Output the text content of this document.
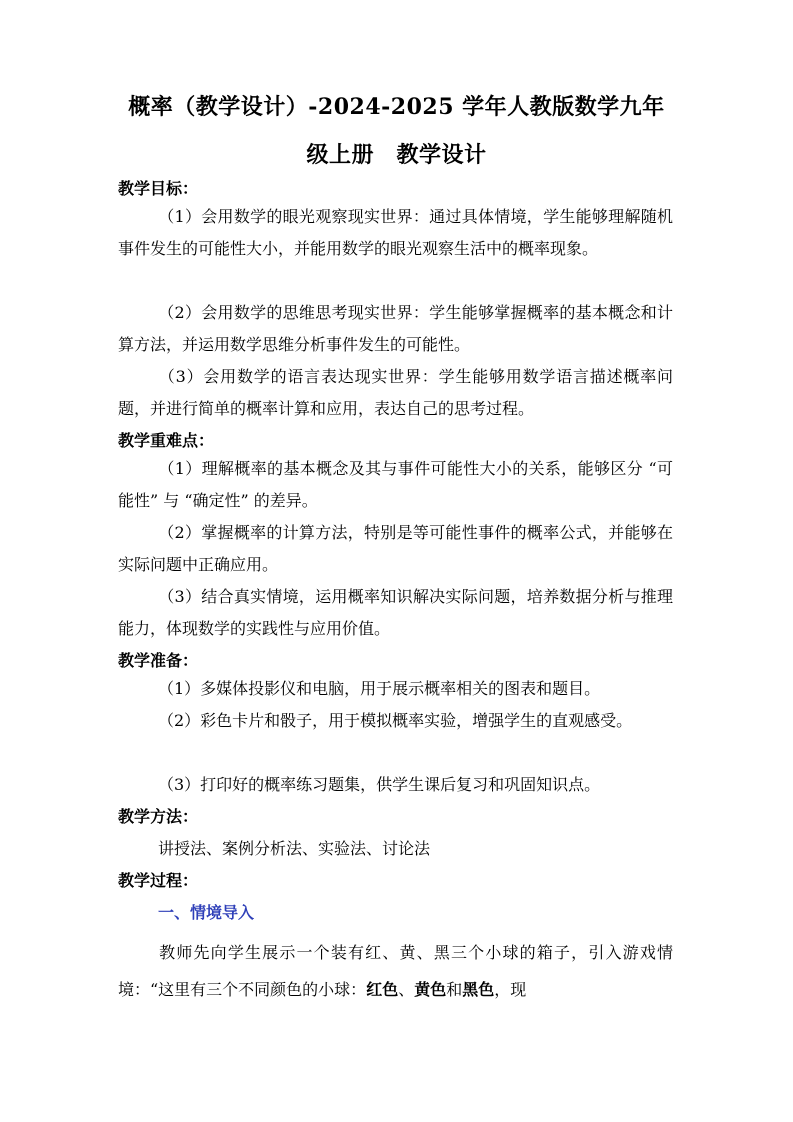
概率（教学设计）-2024-2025 学年人教版数学九年
级上册　教学设计
教学目标：

（1）会用数学的眼光观察现实世界：通过具体情境，学生能够理解随机事件发生的可能性大小，并能用数学的眼光观察生活中的概率现象。

（2）会用数学的思维思考现实世界：学生能够掌握概率的基本概念和计算方法，并运用数学思维分析事件发生的可能性。

（3）会用数学的语言表达现实世界：学生能够用数学语言描述概率问题，并进行简单的概率计算和应用，表达自己的思考过程。

教学重难点：

（1）理解概率的基本概念及其与事件可能性大小的关系，能够区分 “可能性” 与 “确定性” 的差异。

（2）掌握概率的计算方法，特别是等可能性事件的概率公式，并能够在实际问题中正确应用。

（3）结合真实情境，运用概率知识解决实际问题，培养数据分析与推理能力，体现数学的实践性与应用价值。

教学准备：

（1）多媒体投影仪和电脑，用于展示概率相关的图表和题目。

（2）彩色卡片和骰子，用于模拟概率实验，增强学生的直观感受。

（3）打印好的概率练习题集，供学生课后复习和巩固知识点。

教学方法：

讲授法、案例分析法、实验法、讨论法

教学过程：
一、情境导入

教师先向学生展示一个装有红、黄、黑三个小球的箱子，引入游戏情境：“这里有三个不同颜色的小球：红色、黄色和黑色，现
